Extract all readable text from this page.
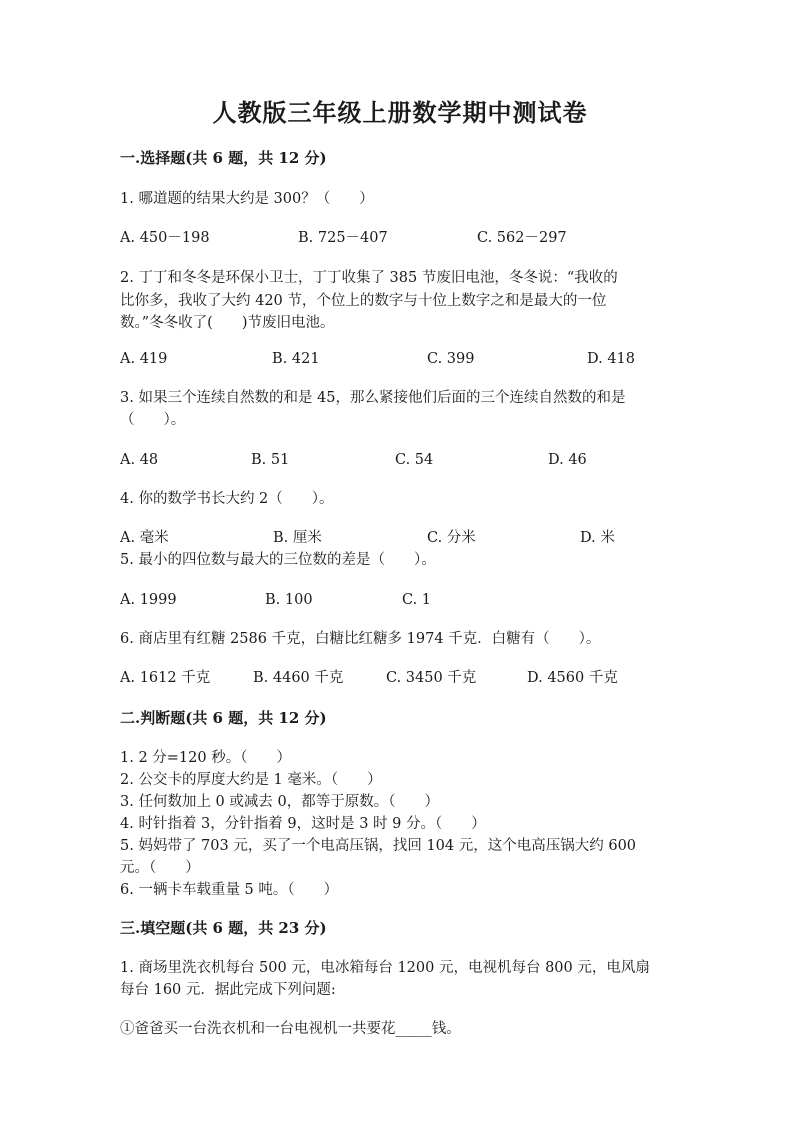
人教版三年级上册数学期中测试卷
一.选择题(共 6 题，共 12 分)
1. 哪道题的结果大约是 300？（　　）
A. 450－198	B. 725－407	C. 562－297
2. 丁丁和冬冬是环保小卫士，丁丁收集了 385 节废旧电池，冬冬说：“我收的
比你多，我收了大约 420 节，个位上的数字与十位上数字之和是最大的一位
数。”冬冬收了(　　)节废旧电池。
A. 419	B. 421	C. 399	D. 418
3. 如果三个连续自然数的和是 45，那么紧接他们后面的三个连续自然数的和是
（　　）。
A. 48	B. 51	C. 54	D. 46
4. 你的数学书长大约 2（　　）。
A. 毫米	B. 厘米	C. 分米	D. 米
5. 最小的四位数与最大的三位数的差是（　　）。
A. 1999	B. 100	C. 1
6. 商店里有红糖 2586 千克，白糖比红糖多 1974 千克．白糖有（　　）。
A. 1612 千克	B. 4460 千克	C. 3450 千克	D. 4560 千克
二.判断题(共 6 题，共 12 分)
1. 2 分=120 秒。（　　）
2. 公交卡的厚度大约是 1 毫米。（　　）
3. 任何数加上 0 或减去 0，都等于原数。（　　）
4. 时针指着 3，分针指着 9，这时是 3 时 9 分。（　　）
5. 妈妈带了 703 元，买了一个电高压锅，找回 104 元，这个电高压锅大约 600
元。（　　）
6. 一辆卡车载重量 5 吨。（　　）
三.填空题(共 6 题，共 23 分)
1. 商场里洗衣机每台 500 元，电冰箱每台 1200 元，电视机每台 800 元，电风扇
每台 160 元．据此完成下列问题:
①爸爸买一台洗衣机和一台电视机一共要花_____钱。
